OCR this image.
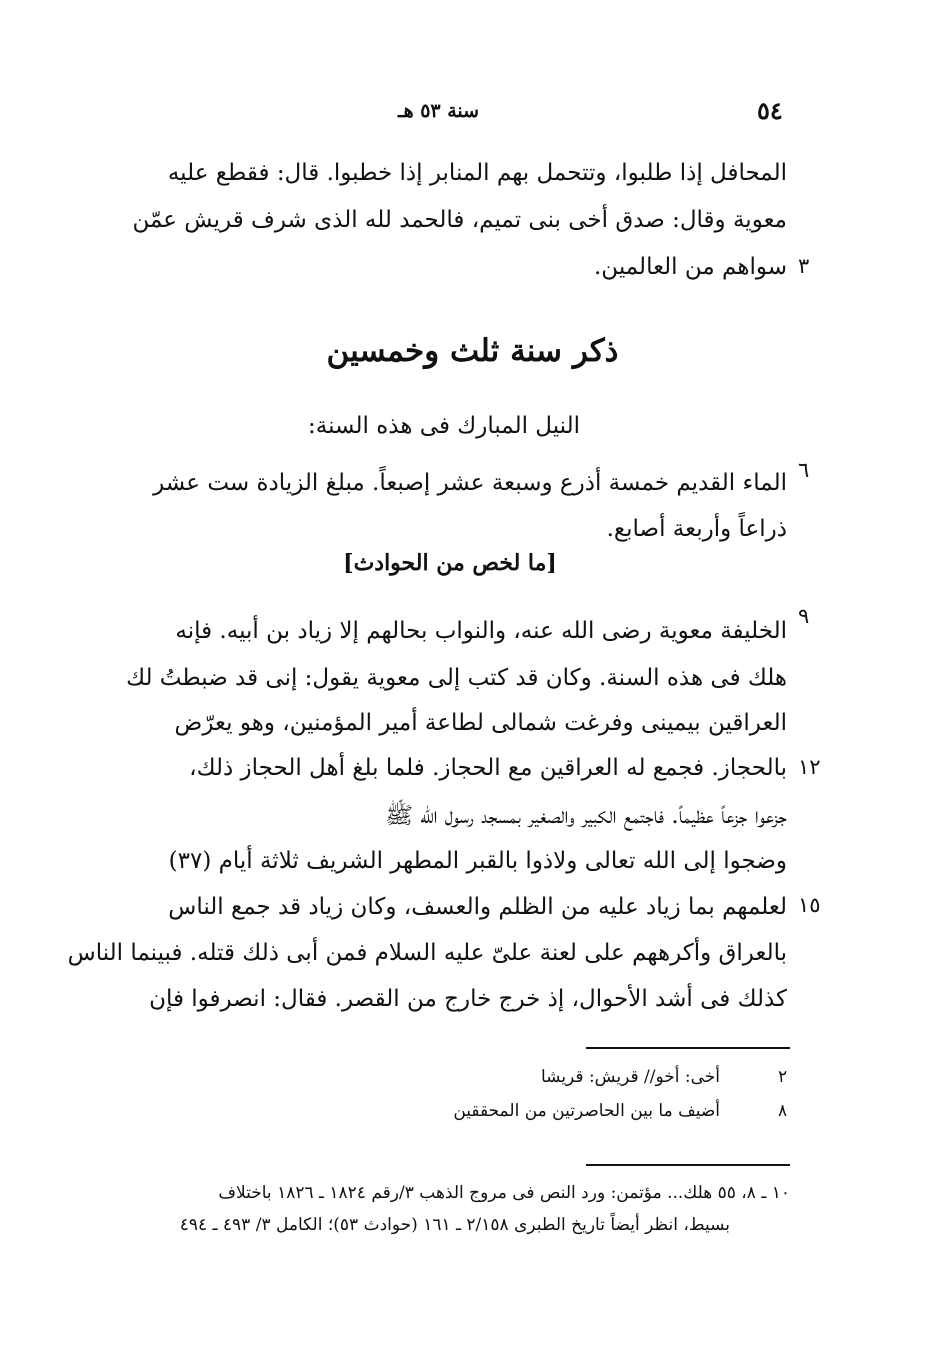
٥٤
سنة ٥٣ هـ
المحافل إذا طلبوا، وتتحمل بهم المنابر إذا خطبوا. قال: فقطع عليه
معوية وقال: صدق أخى بنى تميم، فالحمد لله الذى شرف قريش عمّن
سواهم من العالمين. ٣
ذكر سنة ثلث وخمسين
النيل المبارك فى هذه السنة:
الماء القديم خمسة أذرع وسبعة عشر إصبعاً. مبلغ الزيادة ست عشر ٦
ذراعاً وأربعة أصابع.
[ما لخص من الحوادث]
الخليفة معوية رضى الله عنه، والنواب بحالهم إلا زياد بن أبيه. فإنه
٩
هلك فى هذه السنة. وكان قد كتب إلى معوية يقول: إنى قد ضبطتُ لك
العراقين بيمينى وفرغت شمالى لطاعة أمير المؤمنين، وهو يعرّض
بالحجاز. فجمع له العراقين مع الحجاز. فلما بلغ أهل الحجاز ذلك، ١٢
جزعوا جزعاً عظيماً. فاجتمع الكبير والصغير بمسجد رسول الله ﷺ
وضجوا إلى الله تعالى ولاذوا بالقبر المطهر الشريف ثلاثة أيام (٣٧)
لعلمهم بما زياد عليه من الظلم والعسف، وكان زياد قد جمع الناس ١٥
بالعراق وأكرههم على لعنة علىّ عليه السلام فمن أبى ذلك قتله. فبينما الناس
كذلك فى أشد الأحوال، إذ خرج خارج من القصر. فقال: انصرفوا فإن
٢
أخى: أخو// قريش: قريشا
٨
أضيف ما بين الحاصرتين من المحققين
١٠ ـ ٨، ٥٥ هلك... مؤتمن: ورد النص فى مروج الذهب ٣/رقم ١٨٢٤ ـ ١٨٢٦ باختلاف
بسيط، انظر أيضاً تاريخ الطبرى ٢/١٥٨ ـ ١٦١ (حوادث ٥٣)؛ الكامل ٣/ ٤٩٣ ـ ٤٩٤
